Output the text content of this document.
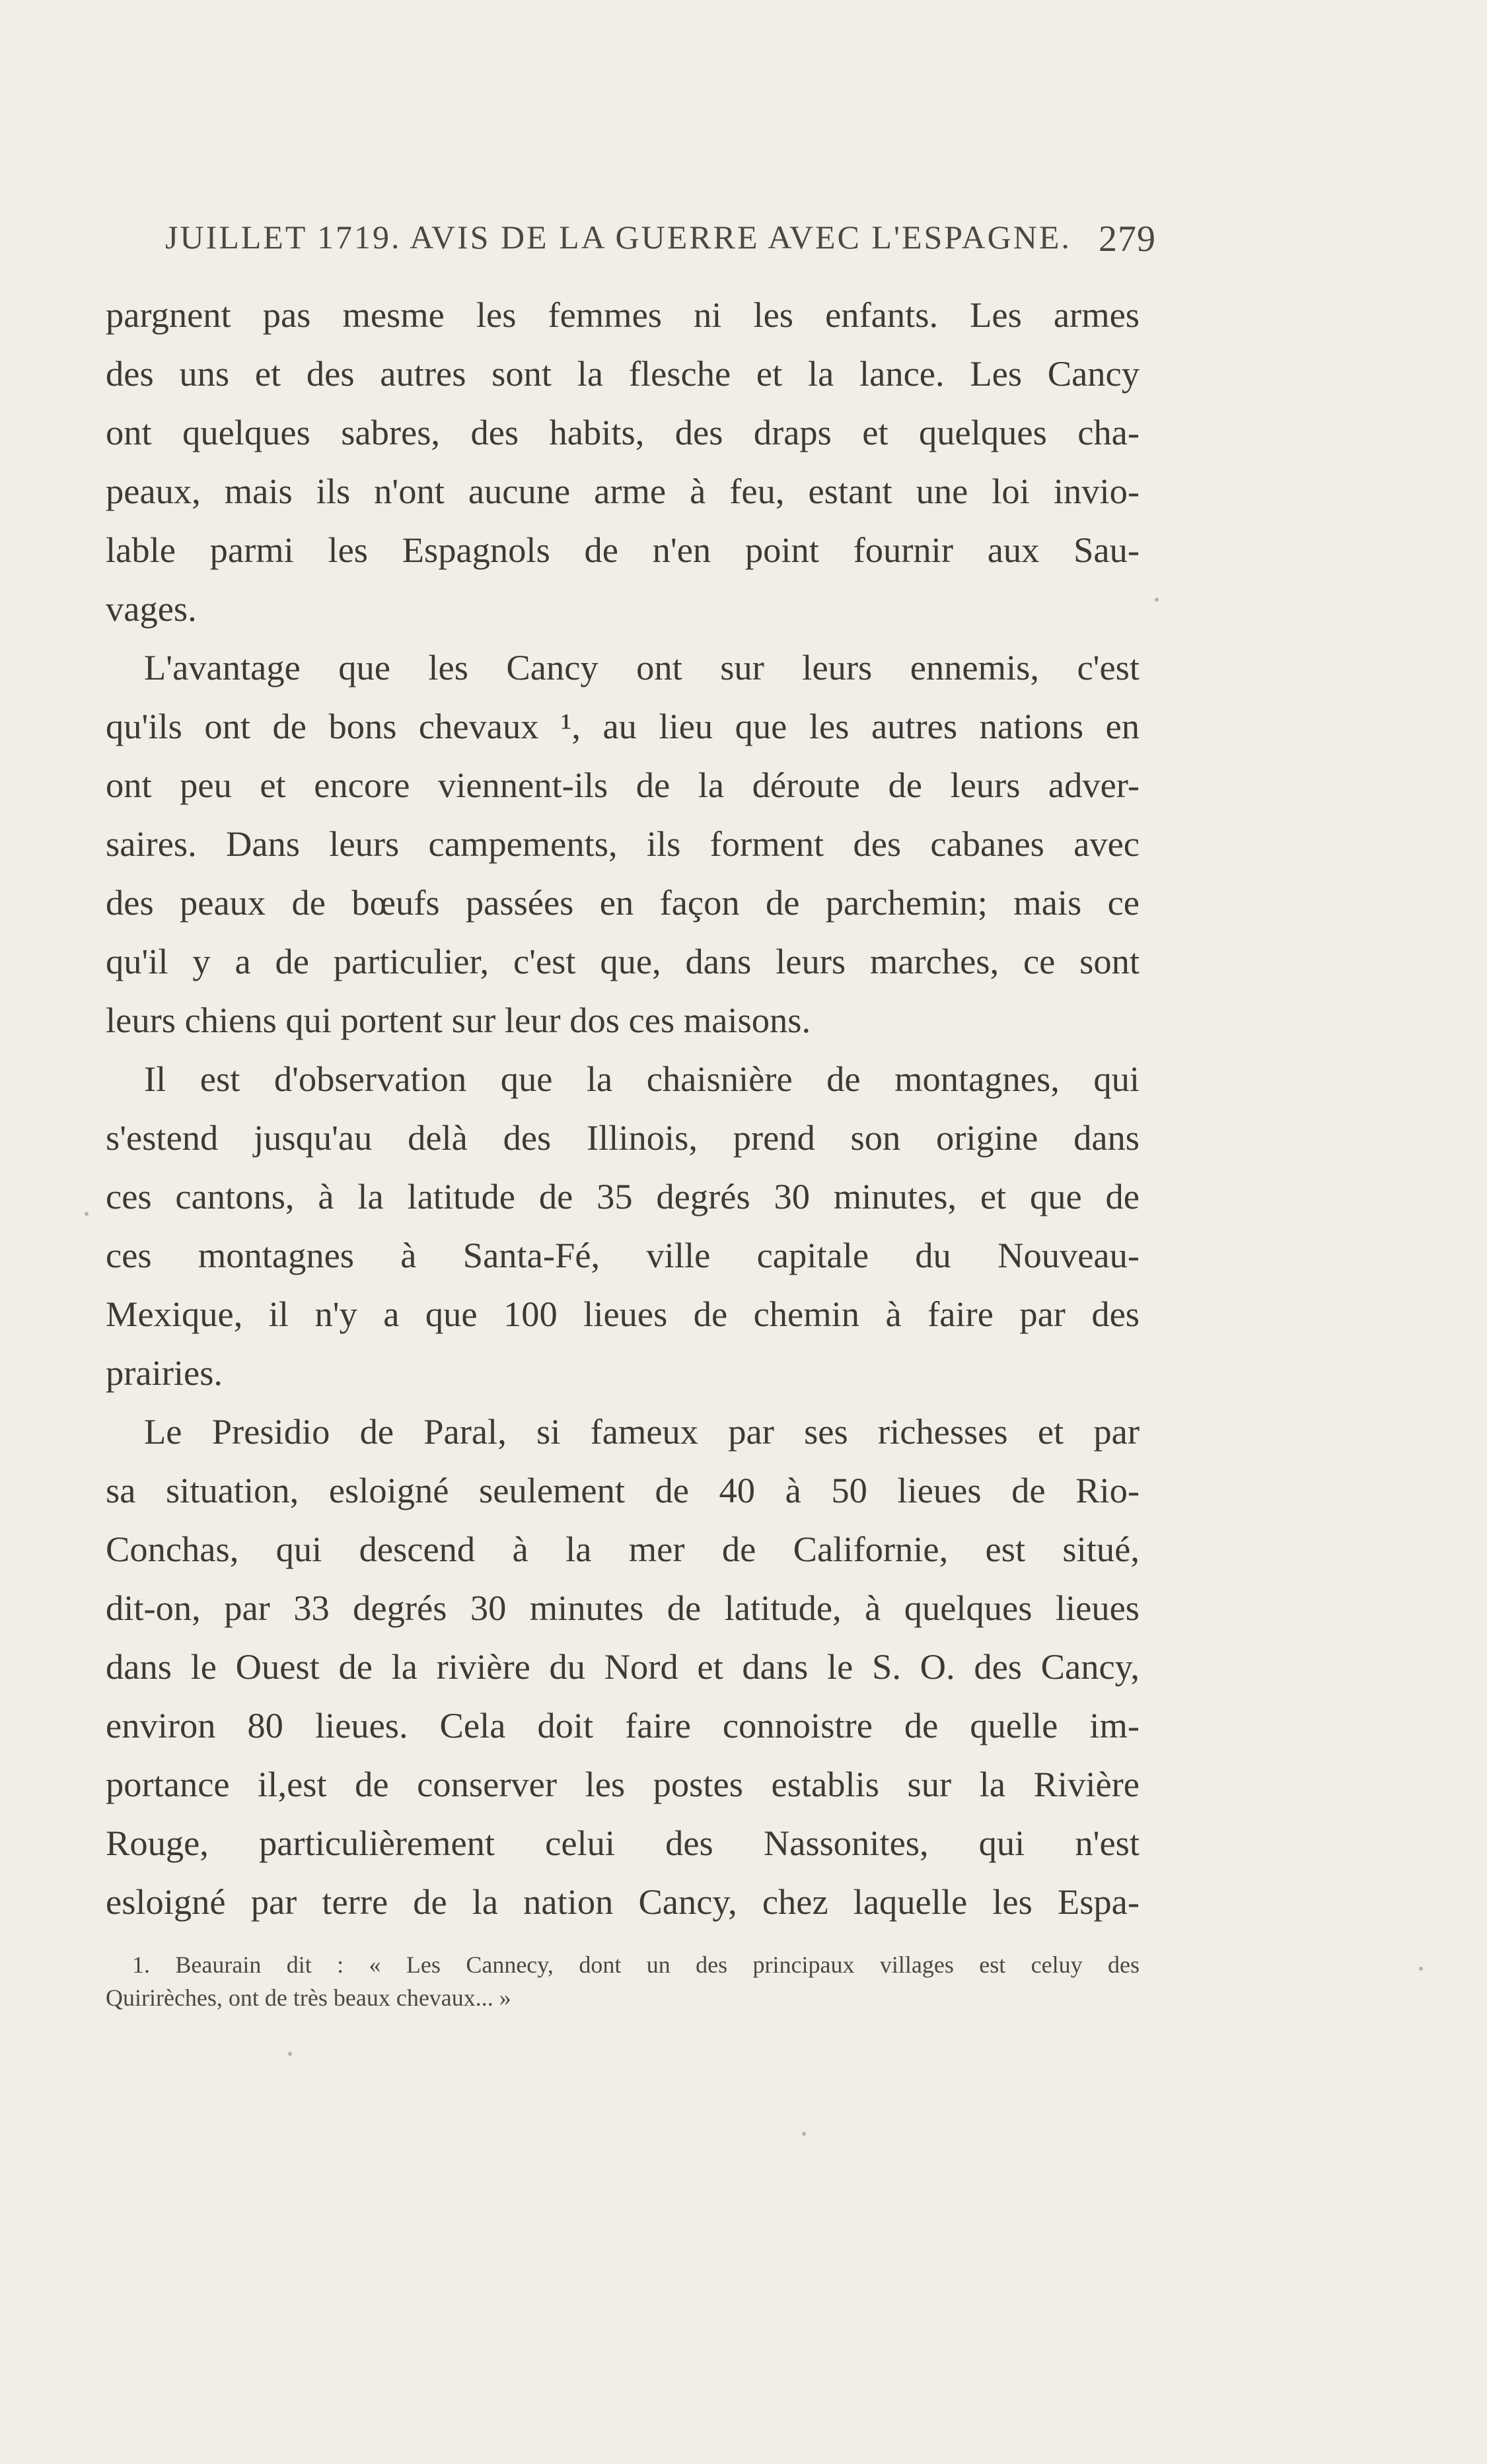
JUILLET 1719. AVIS DE LA GUERRE AVEC L'ESPAGNE. 279
pargnent pas mesme les femmes ni les enfants. Les armes
des uns et des autres sont la flesche et la lance. Les Cancy
ont quelques sabres, des habits, des draps et quelques cha-
peaux, mais ils n'ont aucune arme à feu, estant une loi invio-
lable parmi les Espagnols de n'en point fournir aux Sau-
vages.
L'avantage que les Cancy ont sur leurs ennemis, c'est
qu'ils ont de bons chevaux ¹, au lieu que les autres nations en
ont peu et encore viennent-ils de la déroute de leurs adver-
saires. Dans leurs campements, ils forment des cabanes avec
des peaux de bœufs passées en façon de parchemin; mais ce
qu'il y a de particulier, c'est que, dans leurs marches, ce sont
leurs chiens qui portent sur leur dos ces maisons.
Il est d'observation que la chaisnière de montagnes, qui
s'estend jusqu'au delà des Illinois, prend son origine dans
ces cantons, à la latitude de 35 degrés 30 minutes, et que de
ces montagnes à Santa-Fé, ville capitale du Nouveau-
Mexique, il n'y a que 100 lieues de chemin à faire par des
prairies.
Le Presidio de Paral, si fameux par ses richesses et par
sa situation, esloigné seulement de 40 à 50 lieues de Rio-
Conchas, qui descend à la mer de Californie, est situé,
dit-on, par 33 degrés 30 minutes de latitude, à quelques lieues
dans le Ouest de la rivière du Nord et dans le S. O. des Cancy,
environ 80 lieues. Cela doit faire connoistre de quelle im-
portance il,est de conserver les postes establis sur la Rivière
Rouge, particulièrement celui des Nassonites, qui n'est
esloigné par terre de la nation Cancy, chez laquelle les Espa-
1. Beaurain dit : « Les Cannecy, dont un des principaux villages est celuy des
Quirirèches, ont de très beaux chevaux... »
